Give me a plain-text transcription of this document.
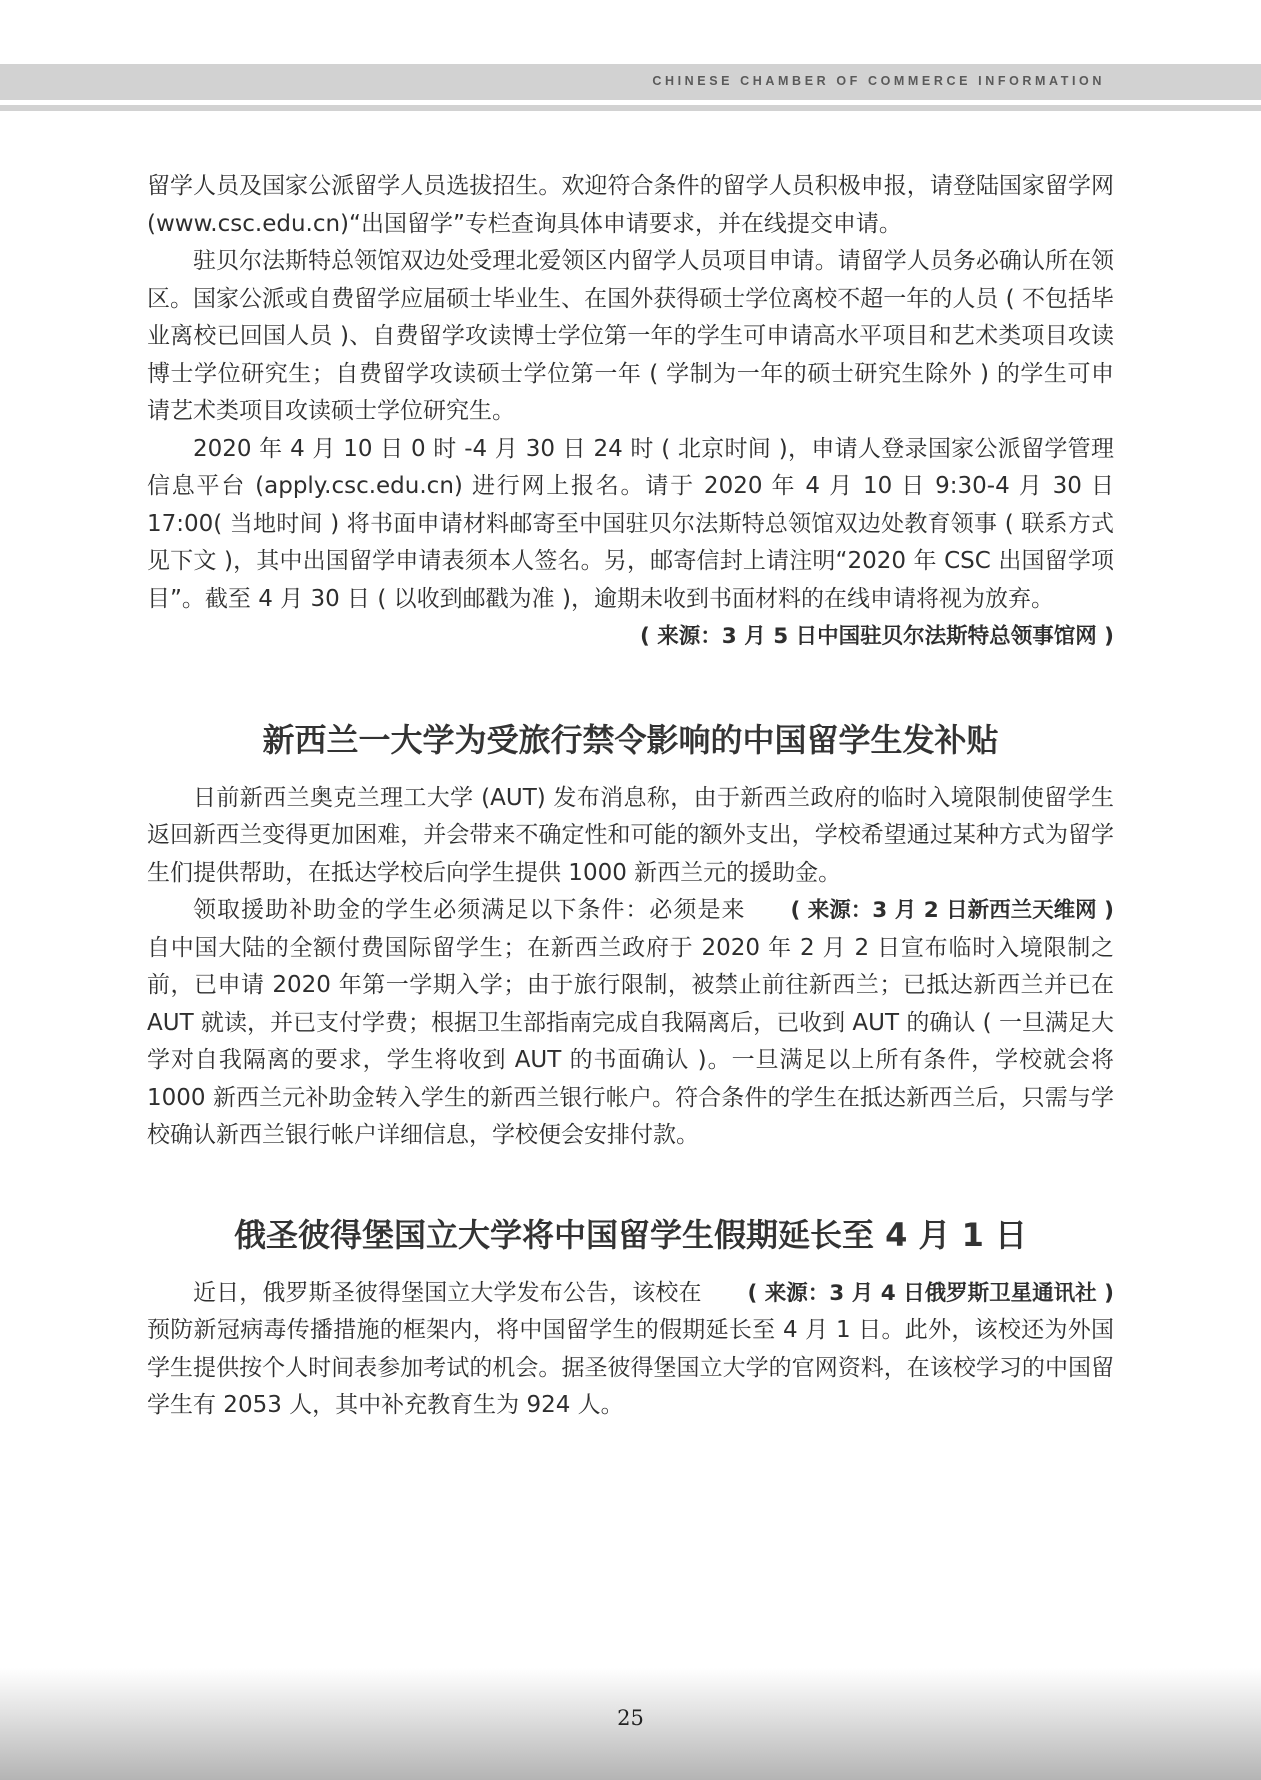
CHINESE CHAMBER OF COMMERCE INFORMATION

留学人员及国家公派留学人员选拔招生。欢迎符合条件的留学人员积极申报，请登陆国家留学网 (www.csc.edu.cn)“出国留学”专栏查询具体申请要求，并在线提交申请。

驻贝尔法斯特总领馆双边处受理北爱领区内留学人员项目申请。请留学人员务必确认所在领区。国家公派或自费留学应届硕士毕业生、在国外获得硕士学位离校不超一年的人员 ( 不包括毕业离校已回国人员 )、自费留学攻读博士学位第一年的学生可申请高水平项目和艺术类项目攻读博士学位研究生；自费留学攻读硕士学位第一年 ( 学制为一年的硕士研究生除外 ) 的学生可申请艺术类项目攻读硕士学位研究生。

2020 年 4 月 10 日 0 时 -4 月 30 日 24 时 ( 北京时间 )，申请人登录国家公派留学管理信息平台 (apply.csc.edu.cn) 进行网上报名。请于 2020 年 4 月 10 日 9:30-4 月 30 日 17:00( 当地时间 ) 将书面申请材料邮寄至中国驻贝尔法斯特总领馆双边处教育领事 ( 联系方式见下文 )，其中出国留学申请表须本人签名。另，邮寄信封上请注明“2020 年 CSC 出国留学项目”。截至 4 月 30 日 ( 以收到邮戳为准 )，逾期未收到书面材料的在线申请将视为放弃。

( 来源：3 月 5 日中国驻贝尔法斯特总领事馆网 )

新西兰一大学为受旅行禁令影响的中国留学生发补贴

日前新西兰奥克兰理工大学 (AUT) 发布消息称，由于新西兰政府的临时入境限制使留学生返回新西兰变得更加困难，并会带来不确定性和可能的额外支出，学校希望通过某种方式为留学生们提供帮助，在抵达学校后向学生提供 1000 新西兰元的援助金。

( 来源：3 月 2 日新西兰天维网 )
领取援助补助金的学生必须满足以下条件：必须是来自中国大陆的全额付费国际留学生；在新西兰政府于 2020 年 2 月 2 日宣布临时入境限制之前，已申请 2020 年第一学期入学；由于旅行限制，被禁止前往新西兰；已抵达新西兰并已在 AUT 就读，并已支付学费；根据卫生部指南完成自我隔离后，已收到 AUT 的确认 ( 一旦满足大学对自我隔离的要求，学生将收到 AUT 的书面确认 )。一旦满足以上所有条件，学校就会将 1000 新西兰元补助金转入学生的新西兰银行帐户。符合条件的学生在抵达新西兰后，只需与学校确认新西兰银行帐户详细信息，学校便会安排付款。

俄圣彼得堡国立大学将中国留学生假期延长至 4 月 1 日

( 来源：3 月 4 日俄罗斯卫星通讯社 )
近日，俄罗斯圣彼得堡国立大学发布公告，该校在预防新冠病毒传播措施的框架内，将中国留学生的假期延长至 4 月 1 日。此外，该校还为外国学生提供按个人时间表参加考试的机会。据圣彼得堡国立大学的官网资料，在该校学习的中国留学生有 2053 人，其中补充教育生为 924 人。

25
